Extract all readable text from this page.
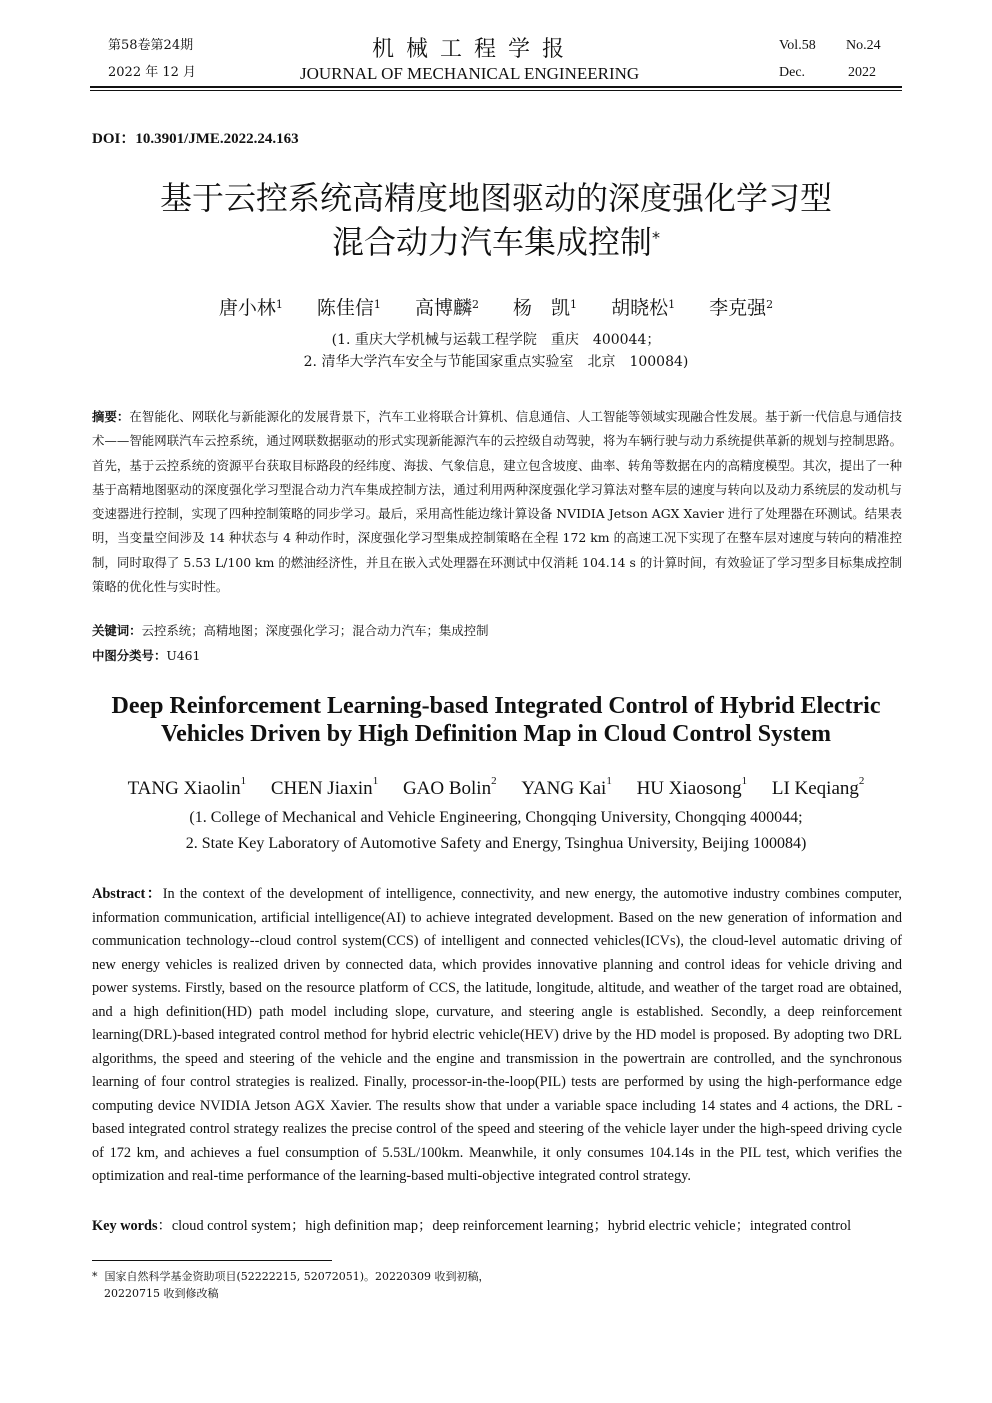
第58卷第24期
2022 年 12 月
机械工程学报
JOURNAL OF MECHANICAL ENGINEERING
Vol.58 No.24
Dec.	2022
DOI：10.3901/JME.2022.24.163
基于云控系统高精度地图驱动的深度强化学习型
混合动力汽车集成控制*
唐小林$^1$ 陈佳信$^1$ 高博麟$^2$ 杨　凯$^1$ 胡晓松$^1$ 李克强$^2$
(1. 重庆大学机械与运载工程学院　重庆　400044；
2. 清华大学汽车安全与节能国家重点实验室　北京　100084)
摘要：在智能化、网联化与新能源化的发展背景下，汽车工业将联合计算机、信息通信、人工智能等领域实现融合性发展。基于新一代信息与通信技术——智能网联汽车云控系统，通过网联数据驱动的形式实现新能源汽车的云控级自动驾驶，将为车辆行驶与动力系统提供革新的规划与控制思路。首先，基于云控系统的资源平台获取目标路段的经纬度、海拔、气象信息，建立包含坡度、曲率、转角等数据在内的高精度模型。其次，提出了一种基于高精地图驱动的深度强化学习型混合动力汽车集成控制方法，通过利用两种深度强化学习算法对整车层的速度与转向以及动力系统层的发动机与变速器进行控制，实现了四种控制策略的同步学习。最后，采用高性能边缘计算设备 NVIDIA Jetson AGX Xavier 进行了处理器在环测试。结果表明，当变量空间涉及 14 种状态与 4 种动作时，深度强化学习型集成控制策略在全程 172 km 的高速工况下实现了在整车层对速度与转向的精准控制，同时取得了 5.53 L/100 km 的燃油经济性，并且在嵌入式处理器在环测试中仅消耗 104.14 s 的计算时间，有效验证了学习型多目标集成控制策略的优化性与实时性。
关键词：云控系统；高精地图；深度强化学习；混合动力汽车；集成控制
中图分类号：U461
Deep Reinforcement Learning-based Integrated Control of Hybrid Electric
Vehicles Driven by High Definition Map in Cloud Control System
TANG Xiaolin$^1$ CHEN Jiaxin$^1$ GAO Bolin$^2$ YANG Kai$^1$ HU Xiaosong$^1$ LI Keqiang$^2$
(1. College of Mechanical and Vehicle Engineering, Chongqing University, Chongqing 400044;
2. State Key Laboratory of Automotive Safety and Energy, Tsinghua University, Beijing 100084)
Abstract：In the context of the development of intelligence, connectivity, and new energy, the automotive industry combines computer, information communication, artificial intelligence(AI) to achieve integrated development. Based on the new generation of information and communication technology--cloud control system(CCS) of intelligent and connected vehicles(ICVs), the cloud-level automatic driving of new energy vehicles is realized driven by connected data, which provides innovative planning and control ideas for vehicle driving and power systems. Firstly, based on the resource platform of CCS, the latitude, longitude, altitude, and weather of the target road are obtained, and a high definition(HD) path model including slope, curvature, and steering angle is established. Secondly, a deep reinforcement learning(DRL)-based integrated control method for hybrid electric vehicle(HEV) drive by the HD model is proposed. By adopting two DRL algorithms, the speed and steering of the vehicle and the engine and transmission in the powertrain are controlled, and the synchronous learning of four control strategies is realized. Finally, processor-in-the-loop(PIL) tests are performed by using the high-performance edge computing device NVIDIA Jetson AGX Xavier. The results show that under a variable space including 14 states and 4 actions, the DRL -based integrated control strategy realizes the precise control of the speed and steering of the vehicle layer under the high-speed driving cycle of 172 km, and achieves a fuel consumption of 5.53L/100km. Meanwhile, it only consumes 104.14s in the PIL test, which verifies the optimization and real-time performance of the learning-based multi-objective integrated control strategy.
Key words：cloud control system；high definition map；deep reinforcement learning；hybrid electric vehicle；integrated control
* 国家自然科学基金资助项目(52222215, 52072051)。20220309 收到初稿，
20220715 收到修改稿
